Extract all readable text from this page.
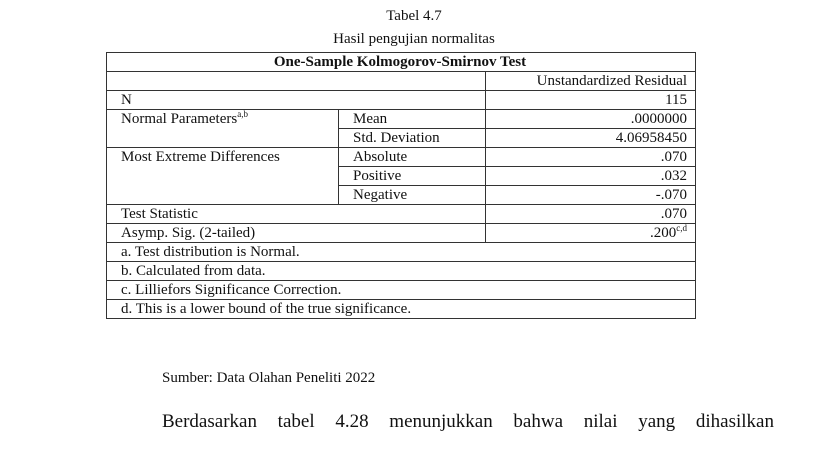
Tabel 4.7
Hasil pengujian normalitas
One-Sample Kolmogorov-Smirnov Test		
		Unstandardized Residual
N		115
Normal Parameters$^{a,b}$	Mean	.0000000
	Std. Deviation	4.06958450
Most Extreme Differences	Absolute	.070
	Positive	.032
	Negative	-.070
Test Statistic		.070
Asymp. Sig. (2-tailed)		.200$^{c,d}$
a. Test distribution is Normal.		
b. Calculated from data.		
c. Lilliefors Significance Correction.		
d. This is a lower bound of the true significance.		
Sumber: Data Olahan Peneliti 2022
Berdasarkan tabel 4.28 menunjukkan bahwa nilai yang dihasilkan
